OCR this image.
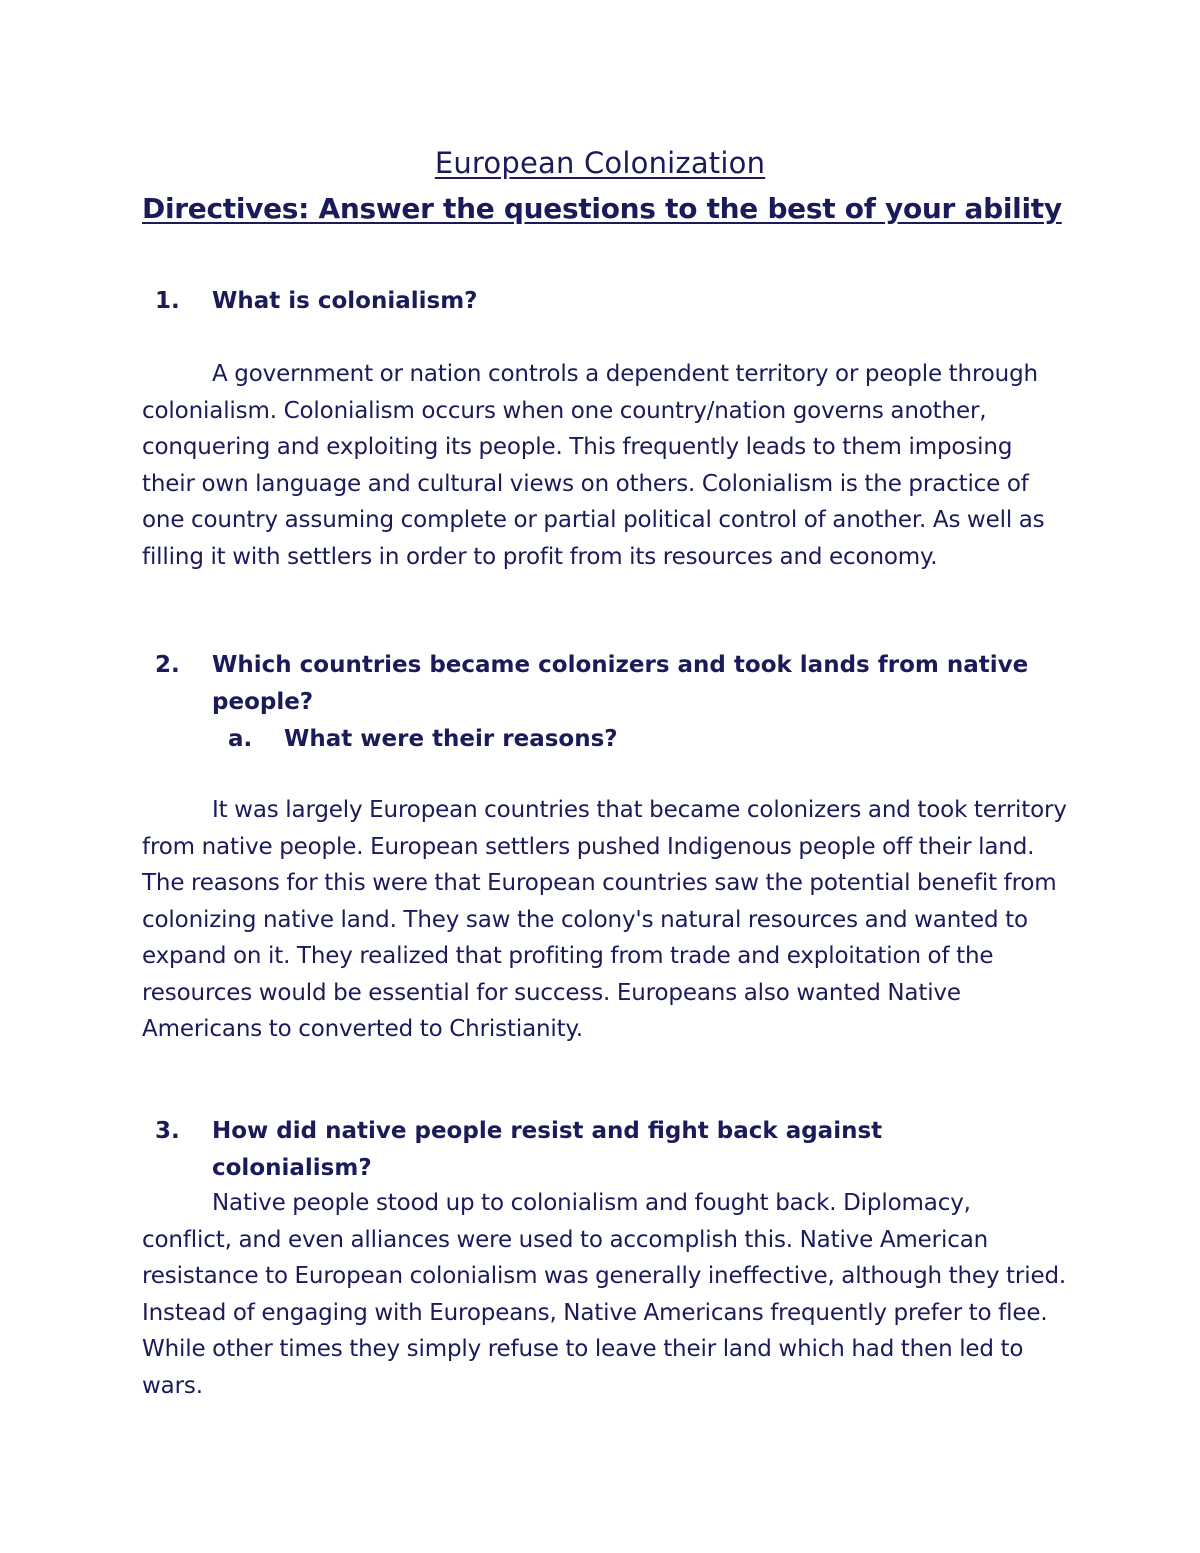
European Colonization
Directives: Answer the questions to the best of your ability
1. What is colonialism?

A government or nation controls a dependent territory or people through colonialism. Colonialism occurs when one country/nation governs another, conquering and exploiting its people. This frequently leads to them imposing their own language and cultural views on others. Colonialism is the practice of one country assuming complete or partial political control of another. As well as filling it with settlers in order to profit from its resources and economy.

2. Which countries became colonizers and took lands from native people?
a. What were their reasons?

It was largely European countries that became colonizers and took territory from native people. European settlers pushed Indigenous people off their land. The reasons for this were that European countries saw the potential benefit from colonizing native land. They saw the colony's natural resources and wanted to expand on it. They realized that profiting from trade and exploitation of the resources would be essential for success. Europeans also wanted Native Americans to converted to Christianity.

3. How did native people resist and fight back against colonialism?

Native people stood up to colonialism and fought back. Diplomacy, conflict, and even alliances were used to accomplish this. Native American resistance to European colonialism was generally ineffective, although they tried. Instead of engaging with Europeans, Native Americans frequently prefer to flee. While other times they simply refuse to leave their land which had then led to wars.
